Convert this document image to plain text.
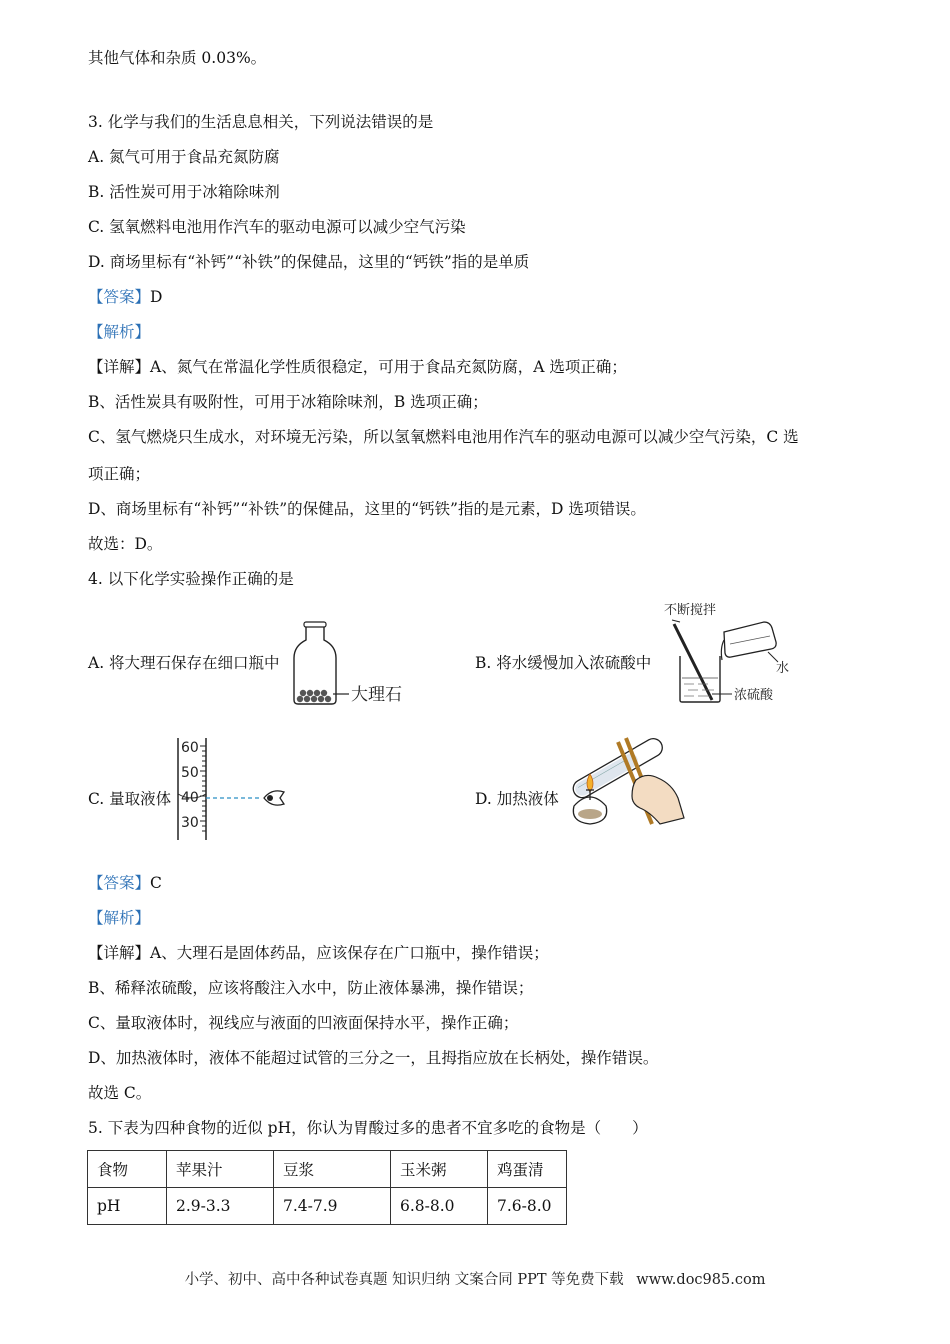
其他气体和杂质 0.03%。
3. 化学与我们的生活息息相关，下列说法错误的是
A. 氮气可用于食品充氮防腐
B. 活性炭可用于冰箱除味剂
C. 氢氧燃料电池用作汽车的驱动电源可以减少空气污染
D. 商场里标有“补钙”“补铁”的保健品，这里的“钙铁”指的是单质
【答案】D
【解析】
【详解】A、氮气在常温化学性质很稳定，可用于食品充氮防腐，A 选项正确；
B、活性炭具有吸附性，可用于冰箱除味剂，B 选项正确；
C、氢气燃烧只生成水，对环境无污染，所以氢氧燃料电池用作汽车的驱动电源可以减少空气污染，C 选
项正确；
D、商场里标有“补钙”“补铁”的保健品，这里的“钙铁”指的是元素，D 选项错误。
故选：D。
4. 以下化学实验操作正确的是
A. 将大理石保存在细口瓶中	B. 将水缓慢加入浓硫酸中
C. 量取液体	D. 加热液体
大理石
不断搅拌
水
浓硫酸
60
50
40
30
【答案】C
【解析】
【详解】A、大理石是固体药品，应该保存在广口瓶中，操作错误；
B、稀释浓硫酸，应该将酸注入水中，防止液体暴沸，操作错误；
C、量取液体时，视线应与液面的凹液面保持水平，操作正确；
D、加热液体时，液体不能超过试管的三分之一，且拇指应放在长柄处，操作错误。
故选 C。
5. 下表为四种食物的近似 pH，你认为胃酸过多的患者不宜多吃的食物是（　　）
食物	苹果汁	豆浆	玉米粥	鸡蛋清
pH	2.9-3.3	7.4-7.9	6.8-8.0	7.6-8.0
小学、初中、高中各种试卷真题 知识归纳 文案合同 PPT 等免费下载 www.doc985.com
